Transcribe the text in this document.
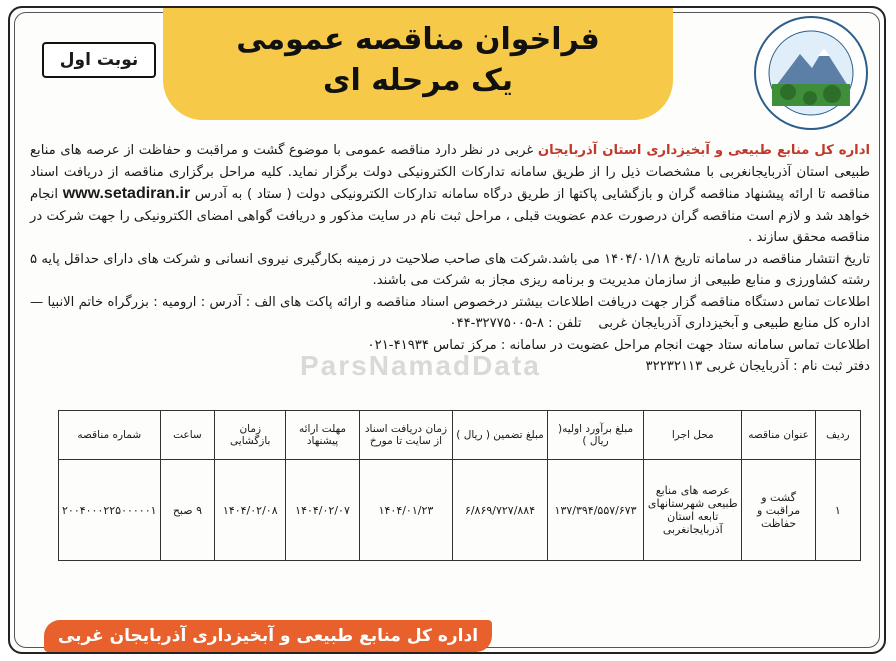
فراخوان مناقصه عمومی
یک مرحله ای
نوبت اول

اداره کل منابع طبیعی و آبخیزداری استان آذربایجان غربی در نظر دارد مناقصه عمومی با موضوع گشت و مراقبت و حفاظت از عرصه های منابع طبیعی استان آذربایجانغربی با مشخصات ذیل را از طریق سامانه تدارکات الکترونیکی دولت برگزار نماید. کلیه مراحل برگزاری مناقصه از دریافت اسناد مناقصه تا ارائه پیشنهاد مناقصه گران و بازگشایی پاکتها از طریق درگاه سامانه تدارکات الکترونیکی دولت ( ستاد ) به آدرس www.setadiran.ir انجام خواهد شد و لازم است مناقصه گران درصورت عدم عضویت قبلی ، مراحل ثبت نام در سایت مذکور و دریافت گواهی امضای الکترونیکی را جهت شرکت در مناقصه محقق سازند .

تاریخ انتشار مناقصه در سامانه تاریخ ۱۴۰۴/۰۱/۱۸ می باشد.شرکت های صاحب صلاحیت در زمینه بکارگیری نیروی انسانی و شرکت های دارای حداقل پایه ۵ رشته کشاورزی و منابع طبیعی از سازمان مدیریت و برنامه ریزی مجاز به شرکت می باشند.

اطلاعات تماس دستگاه مناقصه گزار جهت دریافت اطلاعات بیشتر درخصوص اسناد مناقصه و ارائه پاکت های الف : آدرس : ارومیه : بزرگراه خاتم الانبیا — اداره کل منابع طبیعی و آبخیزداری آذربایجان غربی    تلفن : ۸-۳۲۷۷۵۰۰۵-۰۴۴

اطلاعات تماس سامانه ستاد جهت انجام مراحل عضویت در سامانه : مرکز تماس ۴۱۹۳۴-۰۲۱

دفتر ثبت نام : آذربایجان غربی ۳۲۲۳۲۱۱۳

ParsNamadData
ردیف	عنوان مناقصه	محل اجرا	مبلغ برآورد اولیه( ریال )	مبلغ تضمین ( ریال )	زمان دریافت اسناد از سایت تا مورخ	مهلت ارائه پیشنهاد	زمان بازگشایی	ساعت	شماره مناقصه
۱	گشت و مراقبت و حفاظت	عرصه های منابع طبیعی شهرستانهای تابعه استان آذربایجانغربی	۱۳۷/۳۹۴/۵۵۷/۶۷۳	۶/۸۶۹/۷۲۷/۸۸۴	۱۴۰۴/۰۱/۲۳	۱۴۰۴/۰۲/۰۷	۱۴۰۴/۰۲/۰۸	۹ صبح	۲۰۰۴۰۰۰۲۲۵۰۰۰۰۰۱
اداره کل منابع طبیعی و آبخیزداری آذربایجان غربی
